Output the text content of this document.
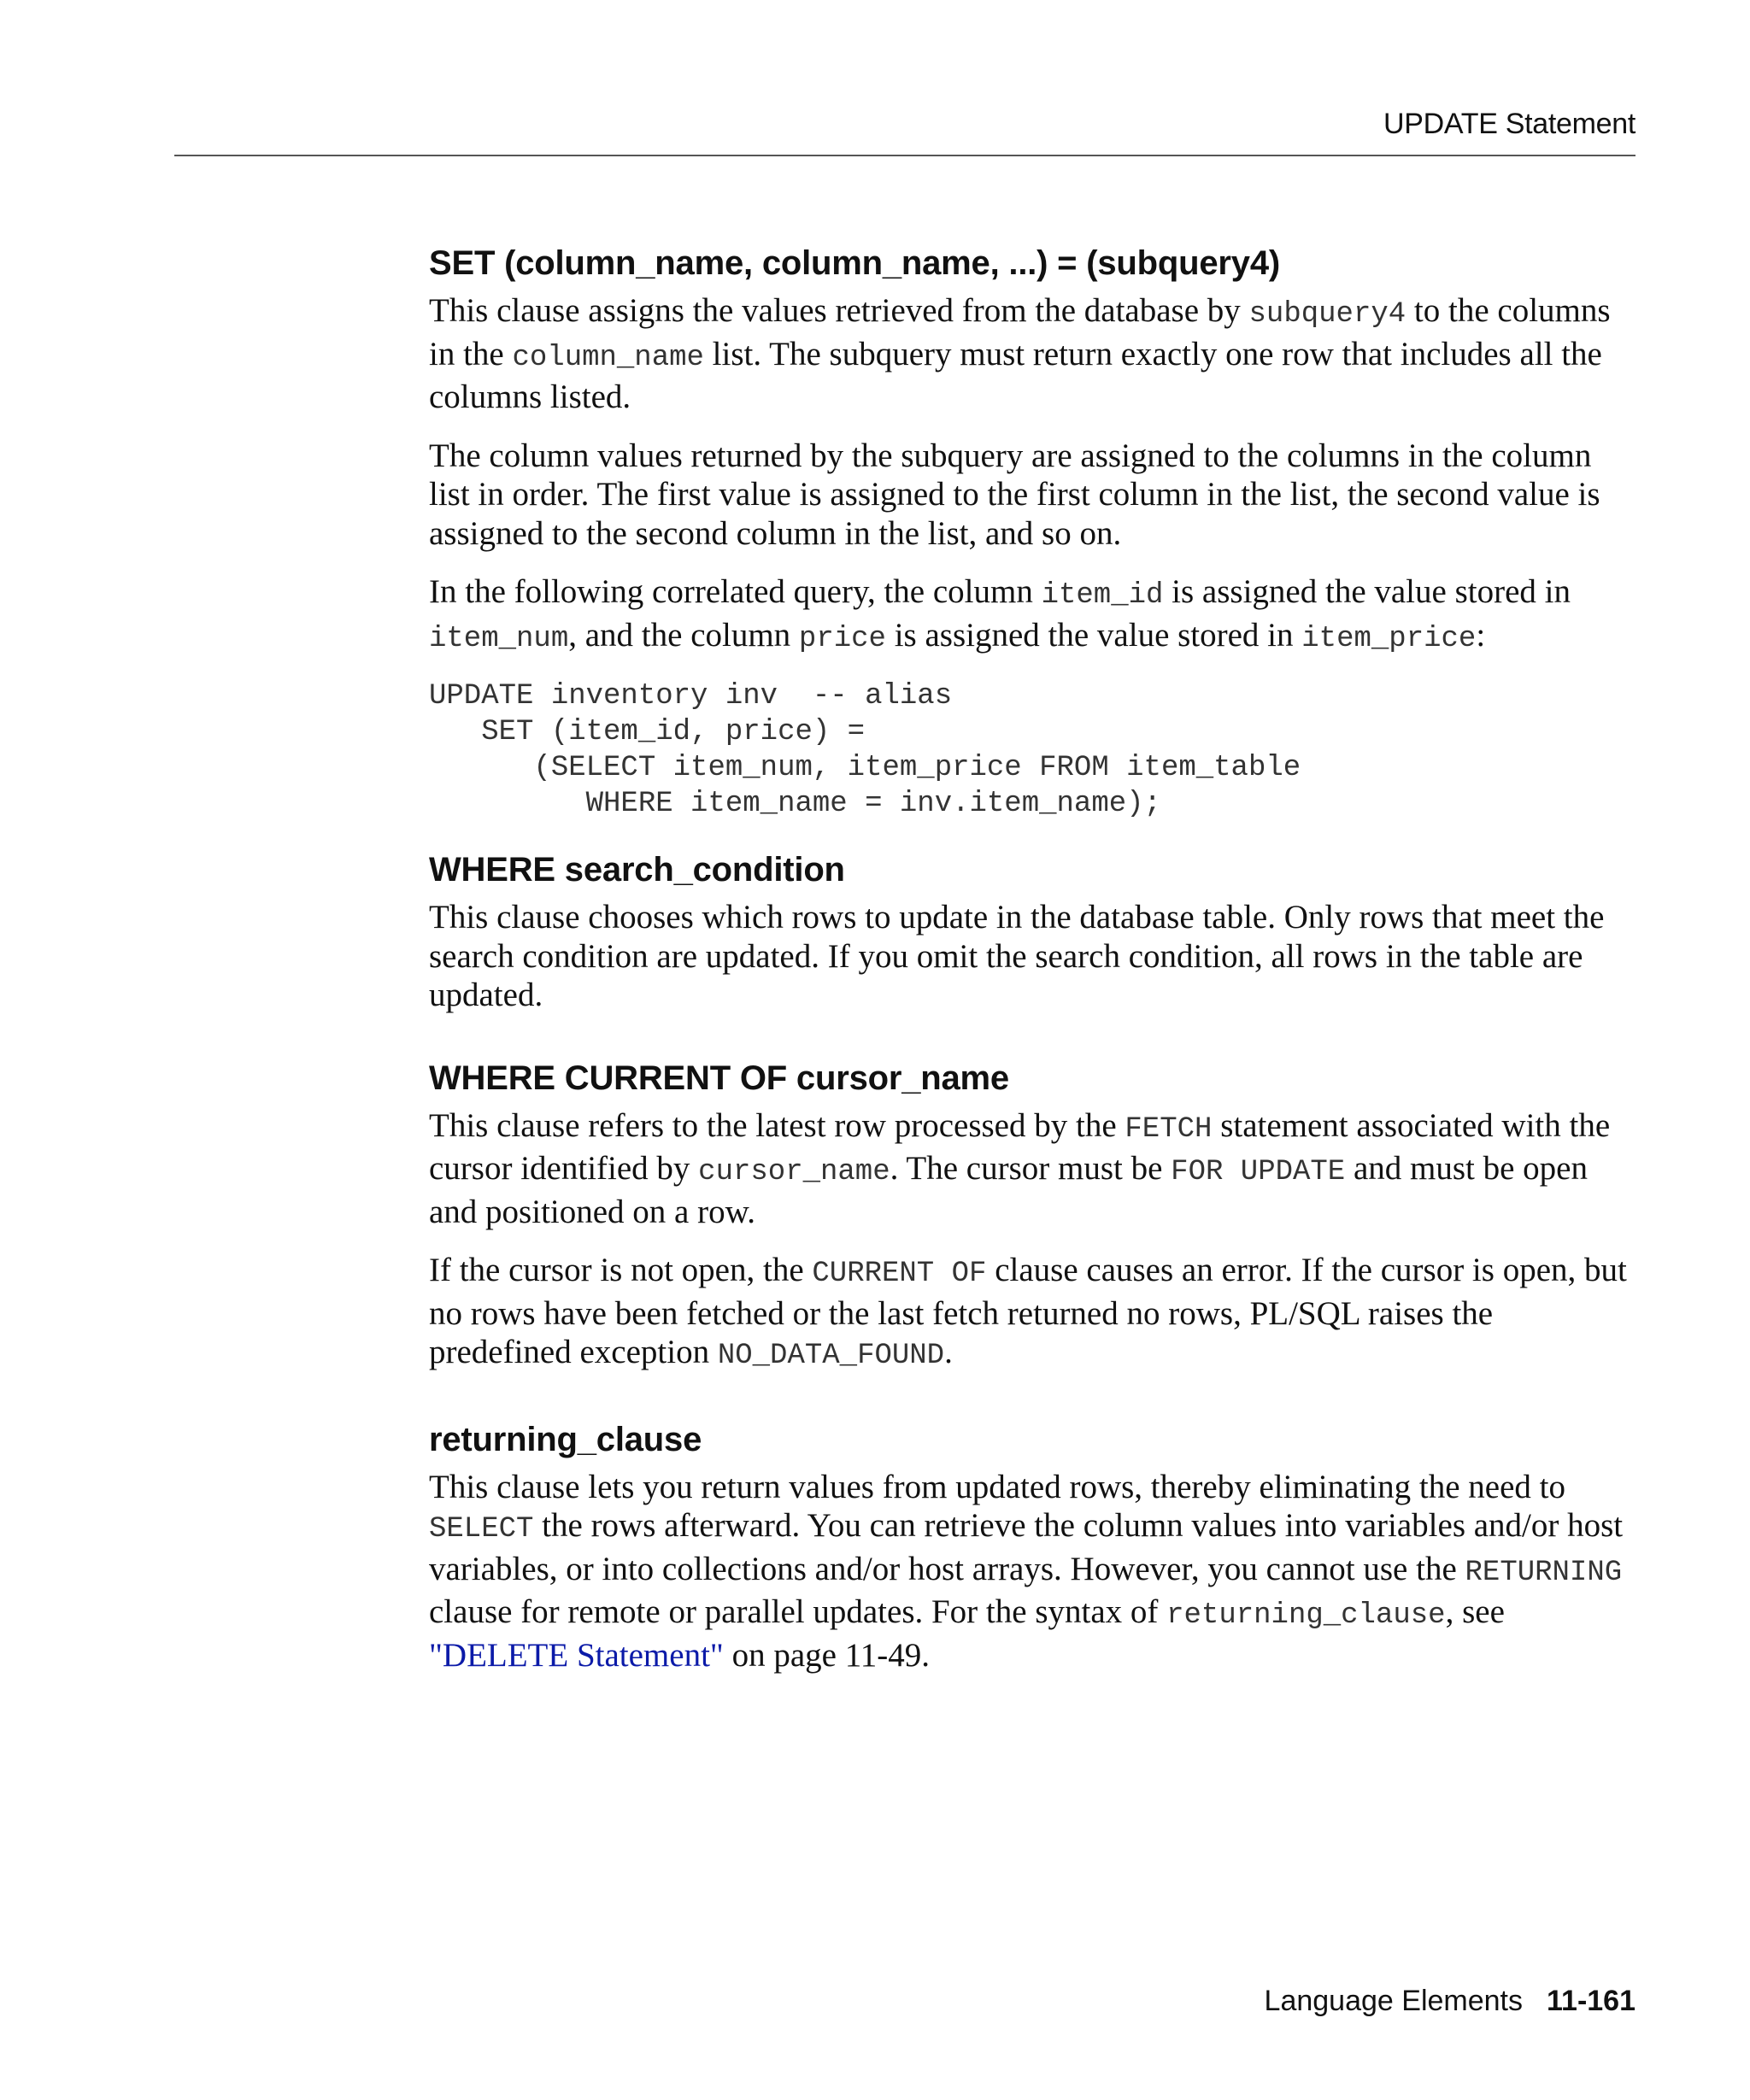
UPDATE Statement
SET (column_name, column_name, ...) = (subquery4)

This clause assigns the values retrieved from the database by subquery4 to the columns in the column_name list. The subquery must return exactly one row that includes all the columns listed.

The column values returned by the subquery are assigned to the columns in the column list in order. The first value is assigned to the first column in the list, the second value is assigned to the second column in the list, and so on.

In the following correlated query, the column item_id is assigned the value stored in item_num, and the column price is assigned the value stored in item_price:

UPDATE inventory inv  -- alias
SET (item_id, price) =
(SELECT item_num, item_price FROM item_table
WHERE item_name = inv.item_name);
WHERE search_condition

This clause chooses which rows to update in the database table. Only rows that meet the search condition are updated. If you omit the search condition, all rows in the table are updated.

WHERE CURRENT OF cursor_name

This clause refers to the latest row processed by the FETCH statement associated with the cursor identified by cursor_name. The cursor must be FOR UPDATE and must be open and positioned on a row.

If the cursor is not open, the CURRENT OF clause causes an error. If the cursor is open, but no rows have been fetched or the last fetch returned no rows, PL/SQL raises the predefined exception NO_DATA_FOUND.

returning_clause

This clause lets you return values from updated rows, thereby eliminating the need to SELECT the rows afterward. You can retrieve the column values into variables and/or host variables, or into collections and/or host arrays. However, you cannot use the RETURNING clause for remote or parallel updates. For the syntax of returning_clause, see "DELETE Statement" on page 11-49.

Language Elements 11-161
